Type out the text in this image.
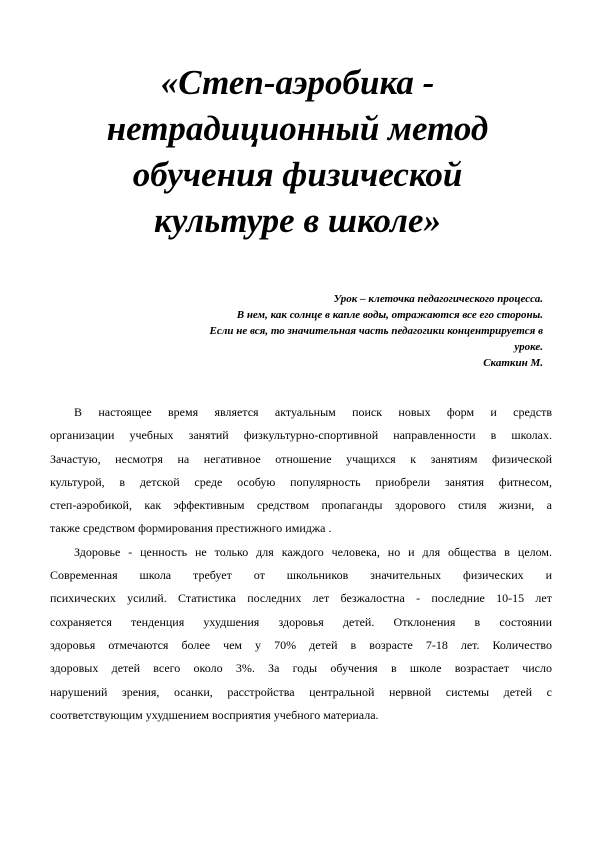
«Степ-аэробика -
нетрадиционный метод
обучения физической
культуре в школе»
Урок – клеточка педагогического процесса.
В нем, как солнце в капле воды, отражаются все его стороны.
Если не вся, то значительная часть педагогики концентрируется в
уроке.
Скаткин М.
В настоящее время является актуальным поиск новых форм и средств
организации учебных занятий физкультурно-спортивной направленности в школах.
Зачастую, несмотря на негативное отношение учащихся к занятиям физической
культурой, в детской среде особую популярность приобрели занятия фитнесом,
степ-аэробикой, как эффективным средством пропаганды здорового стиля жизни, а
также средством формирования престижного имиджа .
Здоровье - ценность не только для каждого человека, но и для общества в целом.
Современная школа требует от школьников значительных физических и
психических усилий. Статистика последних лет безжалостна - последние 10-15 лет
сохраняется тенденция ухудшения здоровья детей. Отклонения в состоянии
здоровья отмечаются более чем у 70% детей в возрасте 7-18 лет. Количество
здоровых детей всего около 3%. За годы обучения в школе возрастает число
нарушений зрения, осанки, расстройства центральной нервной системы детей с
соответствующим ухудшением восприятия учебного материала.
